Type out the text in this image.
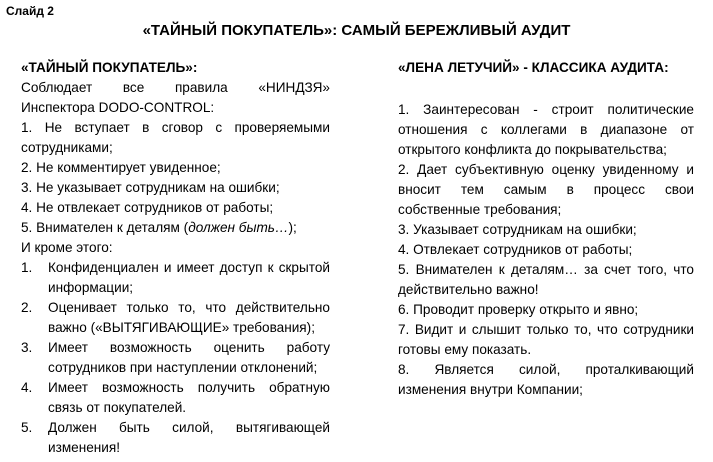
Слайд 2
«ТАЙНЫЙ ПОКУПАТЕЛЬ»: САМЫЙ БЕРЕЖЛИВЫЙ АУДИТ

«ТАЙНЫЙ ПОКУПАТЕЛЬ»:

Соблюдает все правила «НИНДЗЯ»

Инспектора DODO-CONTROL:

1. Не вступает в сговор с проверяемыми сотрудниками;
2. Не комментирует увиденное;
3. Не указывает сотрудникам на ошибки;
4. Не отвлекает сотрудников от работы;
5. Внимателен к деталям (должен быть…);

И кроме этого:

1.	Конфиденциален и имеет доступ к скрытой информации;
2.	Оценивает только то, что действительно важно («ВЫТЯГИВАЮЩИЕ» требования);
3.	Имеет возможность оценить работу сотрудников при наступлении отклонений;
4.	Имеет возможность получить обратную связь от покупателей.
5.	Должен быть силой, вытягивающей изменения!

«ЛЕНА ЛЕТУЧИЙ» - КЛАССИКА АУДИТА:

1. Заинтересован - строит политические отношения с коллегами в диапазоне от открытого конфликта до покрывательства;
2. Дает субъективную оценку увиденному и вносит тем самым в процесс свои собственные требования;
3. Указывает сотрудникам на ошибки;
4. Отвлекает сотрудников от работы;
5. Внимателен к деталям… за счет того, что действительно важно!
6. Проводит проверку открыто и явно;
7. Видит и слышит только то, что сотрудники готовы ему показать.
8. Является силой, проталкивающий изменения внутри Компании;
